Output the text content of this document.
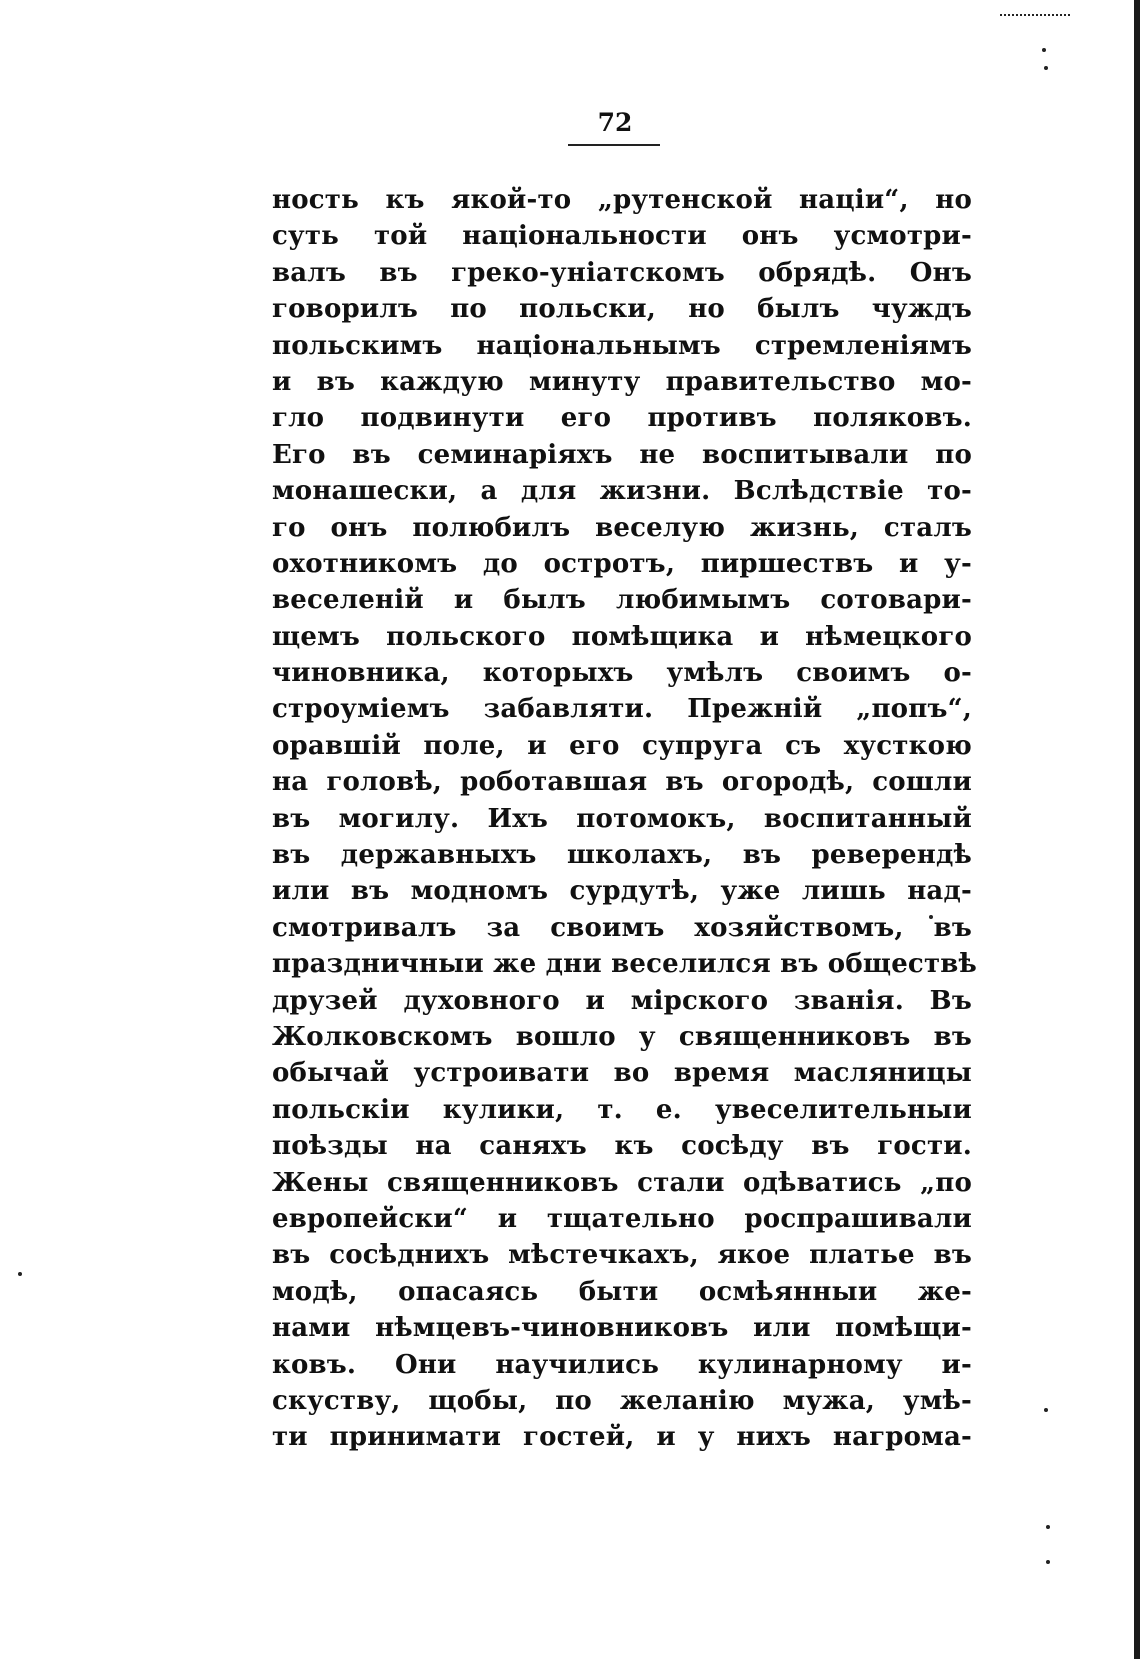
72
ность къ якой-то „рутенской націи“, но
суть той національности онъ усмотри-
валъ въ греко-уніатскомъ обрядѣ. Онъ
говорилъ по польски, но былъ чуждъ
польскимъ національнымъ стремленіямъ
и въ каждую минуту правительство мо-
гло подвинути его противъ поляковъ.
Его въ семинаріяхъ не воспитывали по
монашески, а для жизни. Вслѣдствіе то-
го онъ полюбилъ веселую жизнь, сталъ
охотникомъ до остротъ, пиршествъ и у-
веселеній и былъ любимымъ сотовари-
щемъ польского помѣщика и нѣмецкого
чиновника, которыхъ умѣлъ своимъ о-
строуміемъ забавляти. Прежній „попъ“,
оравшій поле, и его супруга съ хусткою
на головѣ, роботавшая въ огородѣ, сошли
въ могилу. Ихъ потомокъ, воспитанный
въ державныхъ школахъ, въ реверендѣ
или въ модномъ сурдутѣ, уже лишь над-
смотривалъ за своимъ хозяйствомъ, въ
праздничныи же дни веселился въ обществѣ
друзей духовного и мірского званія. Въ
Жолковскомъ вошло у священниковъ въ
обычай устроивати во время масляницы
польскіи кулики, т. е. увеселительныи
поѣзды на саняхъ къ сосѣду въ гости.
Жены священниковъ стали одѣватись „по
европейски“ и тщательно роспрашивали
въ сосѣднихъ мѣстечкахъ, якое платье въ
модѣ, опасаясь быти осмѣянныи же-
нами нѣмцевъ-чиновниковъ или помѣщи-
ковъ. Они научились кулинарному и-
скуству, щобы, по желанію мужа, умѣ-
ти принимати гостей, и у нихъ нагрома-
